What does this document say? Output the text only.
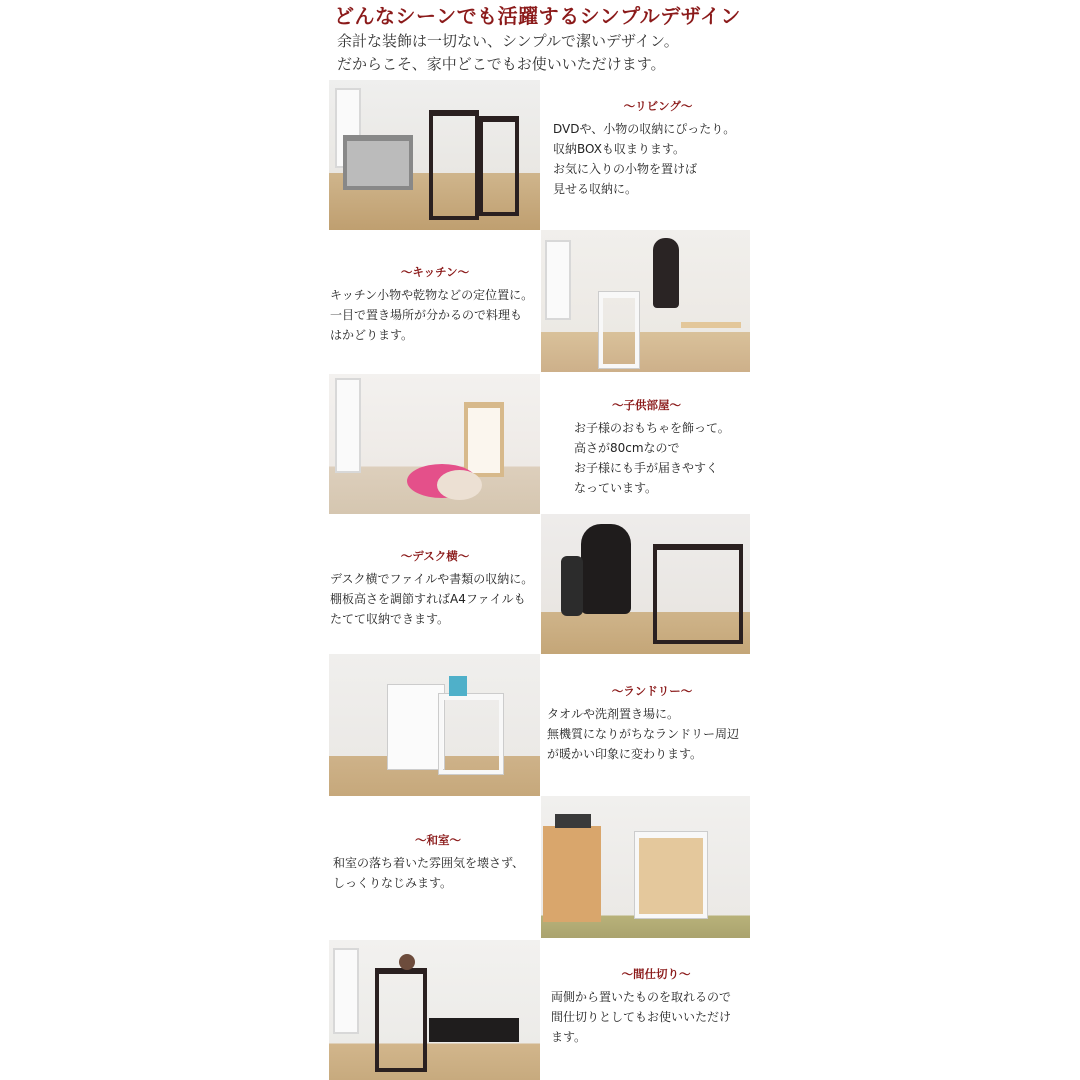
どんなシーンでも活躍するシンプルデザイン
余計な装飾は一切ない、シンプルで潔いデザイン。
だからこそ、家中どこでもお使いいただけます。
～リビング～
DVDや、小物の収納にぴったり。
収納BOXも収まります。
お気に入りの小物を置けば
見せる収納に。
～キッチン～
キッチン小物や乾物などの定位置に。
一目で置き場所が分かるので料理も
はかどります。
～子供部屋～
お子様のおもちゃを飾って。
高さが80cmなので
お子様にも手が届きやすく
なっています。
～デスク横～
デスク横でファイルや書類の収納に。
棚板高さを調節すればA4ファイルも
たてて収納できます。
～ランドリー～
タオルや洗剤置き場に。
無機質になりがちなランドリー周辺
が暖かい印象に変わります。
～和室～
和室の落ち着いた雰囲気を壊さず、
しっくりなじみます。
～間仕切り～
両側から置いたものを取れるので
間仕切りとしてもお使いいただけ
ます。
